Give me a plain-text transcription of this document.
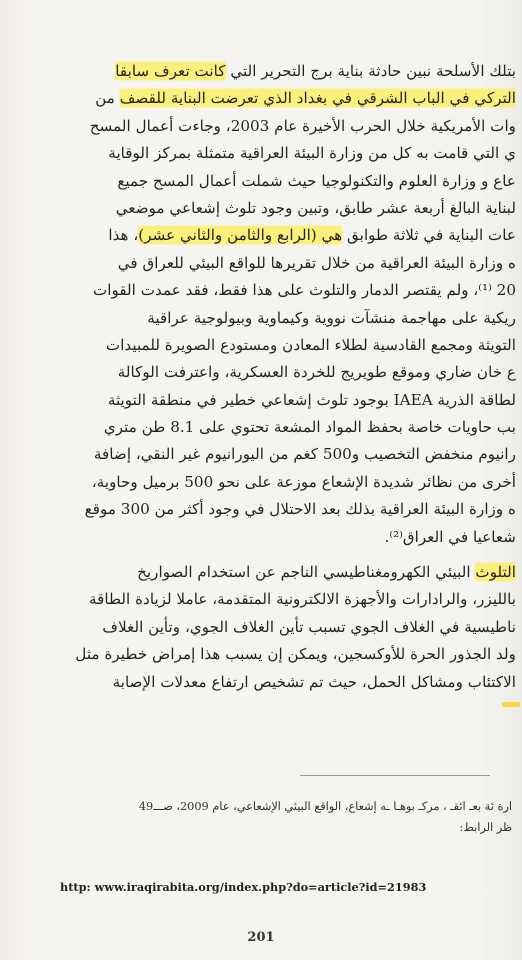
بتلك الأسلحة نبين حادثة بناية برج التحرير التي كانت تعرف سابقا
التركي في الباب الشرقي في بغداد الذي تعرضت البناية للقصف من
وات الأمريكية خلال الحرب الأخيرة عام 2003، وجاءت أعمال المسح
ي التي قامت به كل من وزارة البيئة العراقية متمثلة بمركز الوقاية
عاع و وزارة العلوم والتكنولوجيا حيث شملت أعمال المسح جميع
لبناية البالغ أربعة عشر طابق، وتبين وجود تلوث إشعاعي موضعي
عات البناية في ثلاثة طوابق هي (الرابع والثامن والثاني عشر)، هذا
ه وزارة البيئة العراقية من خلال تقريرها للواقع البيئي للعراق في
20 ⁽¹⁾، ولم يقتصر الدمار والتلوث على هذا فقط، فقد عمدت القوات
ريكية على مهاجمة منشآت نووية وكيماوية وبيولوجية عراقية
التويثة ومجمع القادسية لطلاء المعادن ومستودع الصويرة للمبيدات
ع خان ضاري وموقع طويريج للخردة العسكرية، واعترفت الوكالة
لطاقة الذرية IAEA بوجود تلوث إشعاعي خطير في منطقة التويثة
بب حاويات خاصة بحفظ المواد المشعة تحتوي على 8.1 طن متري
رانيوم منخفض التخصيب و500 كغم من اليورانيوم غير النقي، إضافة
أخرى من نظائر شديدة الإشعاع موزعة على نحو 500 برميل وحاوية،
ه وزارة البيئة العراقية بذلك بعد الاحتلال في وجود أكثر من 300 موقع
شعاعيا في العراق⁽²⁾.
التلوث البيئي الكهرومغناطيسي الناجم عن استخدام الصواريخ
بالليزر، والرادارات والأجهزة الالكترونية المتقدمة، عاملا لزيادة الطاقة
ناطيسية في الغلاف الجوي تسبب تأين الغلاف الجوي، وتأين الغلاف
ولد الجذور الحرة للأوكسجين، ويمكن إن يسبب هذا إمراض خطيرة مثل
الاكتئاب ومشاكل الحمل، حيث تم تشخيص ارتفاع معدلات الإصابة
ارة ئة بعـ ائقـ ، مركـ بوهـا ـه إشعاع، الواقع البيئي الإشعاعي، عام 2009، صـــ49
ظر الرابط:
http: www.iraqirabita.org/index.php?do=article?id=21983
201
